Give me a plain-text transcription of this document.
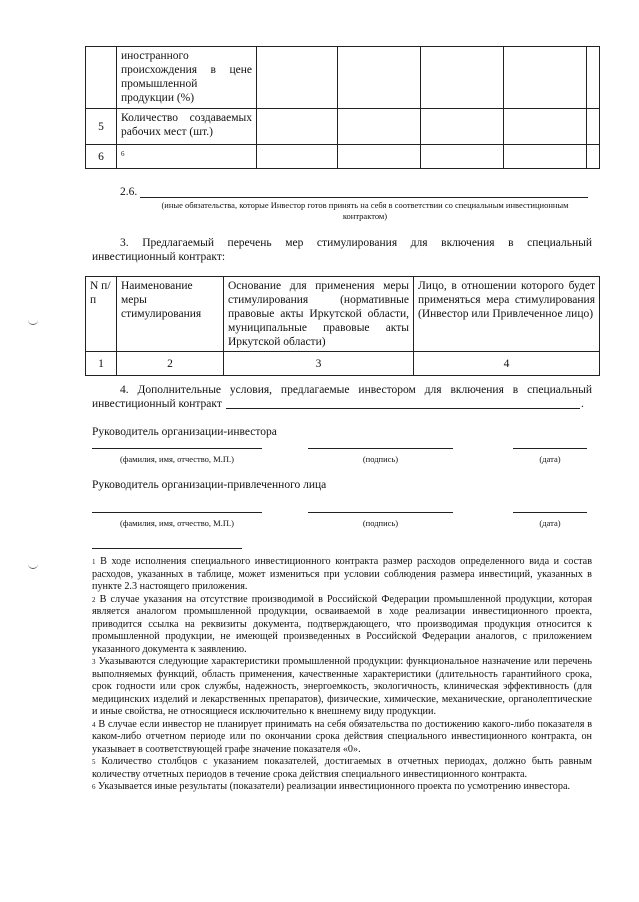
	иностранного происхождения в цене промышленной продукции (%)					
5	Количество создаваемых рабочих мест (шт.)					
6	$^6$					
2.6.
(иные обязательства, которые Инвестор готов принять на себя в соответствии со специальным инвестиционным контрактом)
3. Предлагаемый перечень мер стимулирования для включения в специальный инвестиционный контракт:
N п/п	Наименование меры стимулирования	Основание для применения меры стимулирования (нормативные правовые акты Иркутской области, муниципальные правовые акты Иркутской области)	Лицо, в отношении которого будет применяться мера стимулирования (Инвестор или Привлеченное лицо)
1	2	3	4
4. Дополнительные условия, предлагаемые инвестором для включения в специальный инвестиционный контракт	.
Руководитель организации-инвестора
(фамилия, имя, отчество, М.П.)	(подпись)	(дата)
Руководитель организации-привлеченного лица
(фамилия, имя, отчество, М.П.)	(подпись)	(дата)
$^1$ В ходе исполнения специального инвестиционного контракта размер расходов определенного вида и состав расходов, указанных в таблице, может измениться при условии соблюдения размера инвестиций, указанных в пункте 2.3 настоящего приложения.
$^2$ В случае указания на отсутствие производимой в Российской Федерации промышленной продукции, которая является аналогом промышленной продукции, осваиваемой в ходе реализации инвестиционного проекта, приводится ссылка на реквизиты документа, подтверждающего, что производимая продукция относится к промышленной продукции, не имеющей произведенных в Российской Федерации аналогов, с приложением указанного документа к заявлению.
$^3$ Указываются следующие характеристики промышленной продукции: функциональное назначение или перечень выполняемых функций, область применения, качественные характеристики (длительность гарантийного срока, срок годности или срок службы, надежность, энергоемкость, экологичность, клиническая эффективность (для медицинских изделий и лекарственных препаратов), физические, химические, механические, органолептические и иные свойства, не относящиеся исключительно к внешнему виду продукции.
$^4$ В случае если инвестор не планирует принимать на себя обязательства по достижению какого-либо показателя в каком-либо отчетном периоде или по окончании срока действия специального инвестиционного контракта, он указывает в соответствующей графе значение показателя «0».
$^5$ Количество столбцов с указанием показателей, достигаемых в отчетных периодах, должно быть равным количеству отчетных периодов в течение срока действия специального инвестиционного контракта.
$^6$ Указывается иные результаты (показатели) реализации инвестиционного проекта по усмотрению инвестора.
